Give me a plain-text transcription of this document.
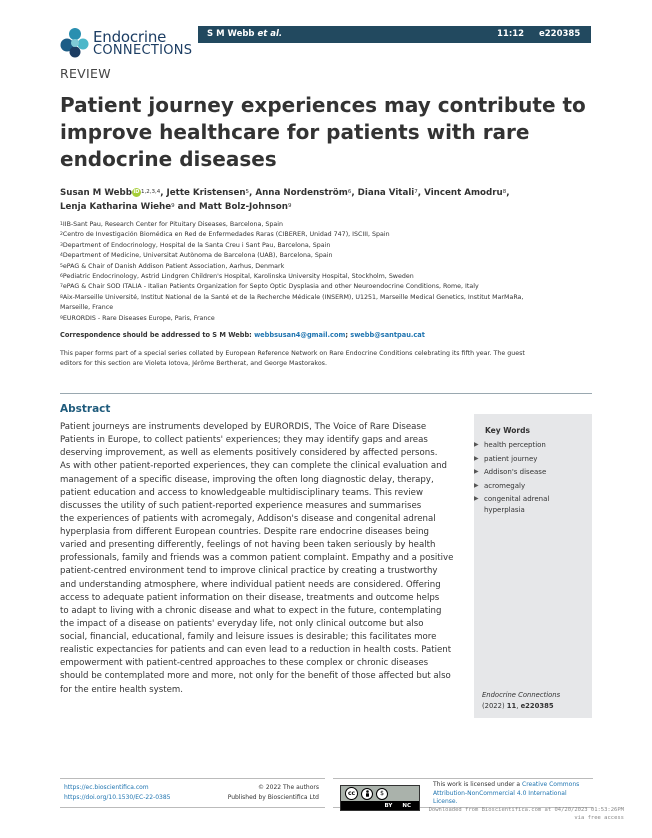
Endocrine
CONNECTIONS
S M Webb et al.	11:12 e220385
REVIEW
Patient journey experiences may contribute to improve healthcare for patients with rare endocrine diseases
Susan M Webb iD $^{1,2,3,4}$, Jette Kristensen$^5$, Anna Nordenström$^6$, Diana Vitali$^7$, Vincent Amodru$^8$,
Lenja Katharina Wiehe$^9$ and Matt Bolz-Johnson$^9$

$^1$IIB-Sant Pau, Research Center for Pituitary Diseases, Barcelona, Spain

$^2$Centro de Investigación Biomédica en Red de Enfermedades Raras (CIBERER, Unidad 747), ISCIII, Spain

$^3$Department of Endocrinology, Hospital de la Santa Creu i Sant Pau, Barcelona, Spain

$^4$Department of Medicine, Universitat Autònoma de Barcelona (UAB), Barcelona, Spain

$^5$ePAG & Chair of Danish Addison Patient Association, Aarhus, Denmark

$^6$Pediatric Endocrinology, Astrid Lindgren Children's Hospital, Karolinska University Hospital, Stockholm, Sweden

$^7$ePAG & Chair SOD ITALIA - Italian Patients Organization for Septo Optic Dysplasia and other Neuroendocrine Conditions, Rome, Italy

$^8$Aix-Marseille Université, Institut National de la Santé et de la Recherche Médicale (INSERM), U1251, Marseille Medical Genetics, Institut MarMaRa,

Marseille, France

$^9$EURORDIS - Rare Diseases Europe, Paris, France

Correspondence should be addressed to S M Webb: webbsusan4@gmail.com; swebb@santpau.cat
This paper forms part of a special series collated by European Reference Network on Rare Endocrine Conditions celebrating its fifth year. The guest
editors for this section are Violeta Iotova, Jérôme Bertherat, and George Mastorakos.
Abstract

Patient journeys are instruments developed by EURORDIS, The Voice of Rare Disease

Patients in Europe, to collect patients' experiences; they may identify gaps and areas

deserving improvement, as well as elements positively considered by affected persons.

As with other patient-reported experiences, they can complete the clinical evaluation and

management of a specific disease, improving the often long diagnostic delay, therapy,

patient education and access to knowledgeable multidisciplinary teams. This review

discusses the utility of such patient-reported experience measures and summarises

the experiences of patients with acromegaly, Addison's disease and congenital adrenal

hyperplasia from different European countries. Despite rare endocrine diseases being

varied and presenting differently, feelings of not having been taken seriously by health

professionals, family and friends was a common patient complaint. Empathy and a positive

patient-centred environment tend to improve clinical practice by creating a trustworthy

and understanding atmosphere, where individual patient needs are considered. Offering

access to adequate patient information on their disease, treatments and outcome helps

to adapt to living with a chronic disease and what to expect in the future, contemplating

the impact of a disease on patients' everyday life, not only clinical outcome but also

social, financial, educational, family and leisure issues is desirable; this facilitates more

realistic expectancies for patients and can even lead to a reduction in health costs. Patient

empowerment with patient-centred approaches to these complex or chronic diseases

should be contemplated more and more, not only for the benefit of those affected but also

for the entire health system.

Key Words
▶ health perception
▶ patient journey
▶ Addison's disease
▶ acromegaly
▶ congenital adrenal hyperplasia
Endocrine Connections
(2022) 11, e220385
https://ec.bioscientifica.com
https://doi.org/10.1530/EC-22-0385
© 2022 The authors
Published by Bioscientifica Ltd
cc	$
BY NC
This work is licensed under a Creative Commons
Attribution-NonCommercial 4.0 International License.
Downloaded from Bioscientifica.com at 04/20/2023 01:53:26PM
via free access
